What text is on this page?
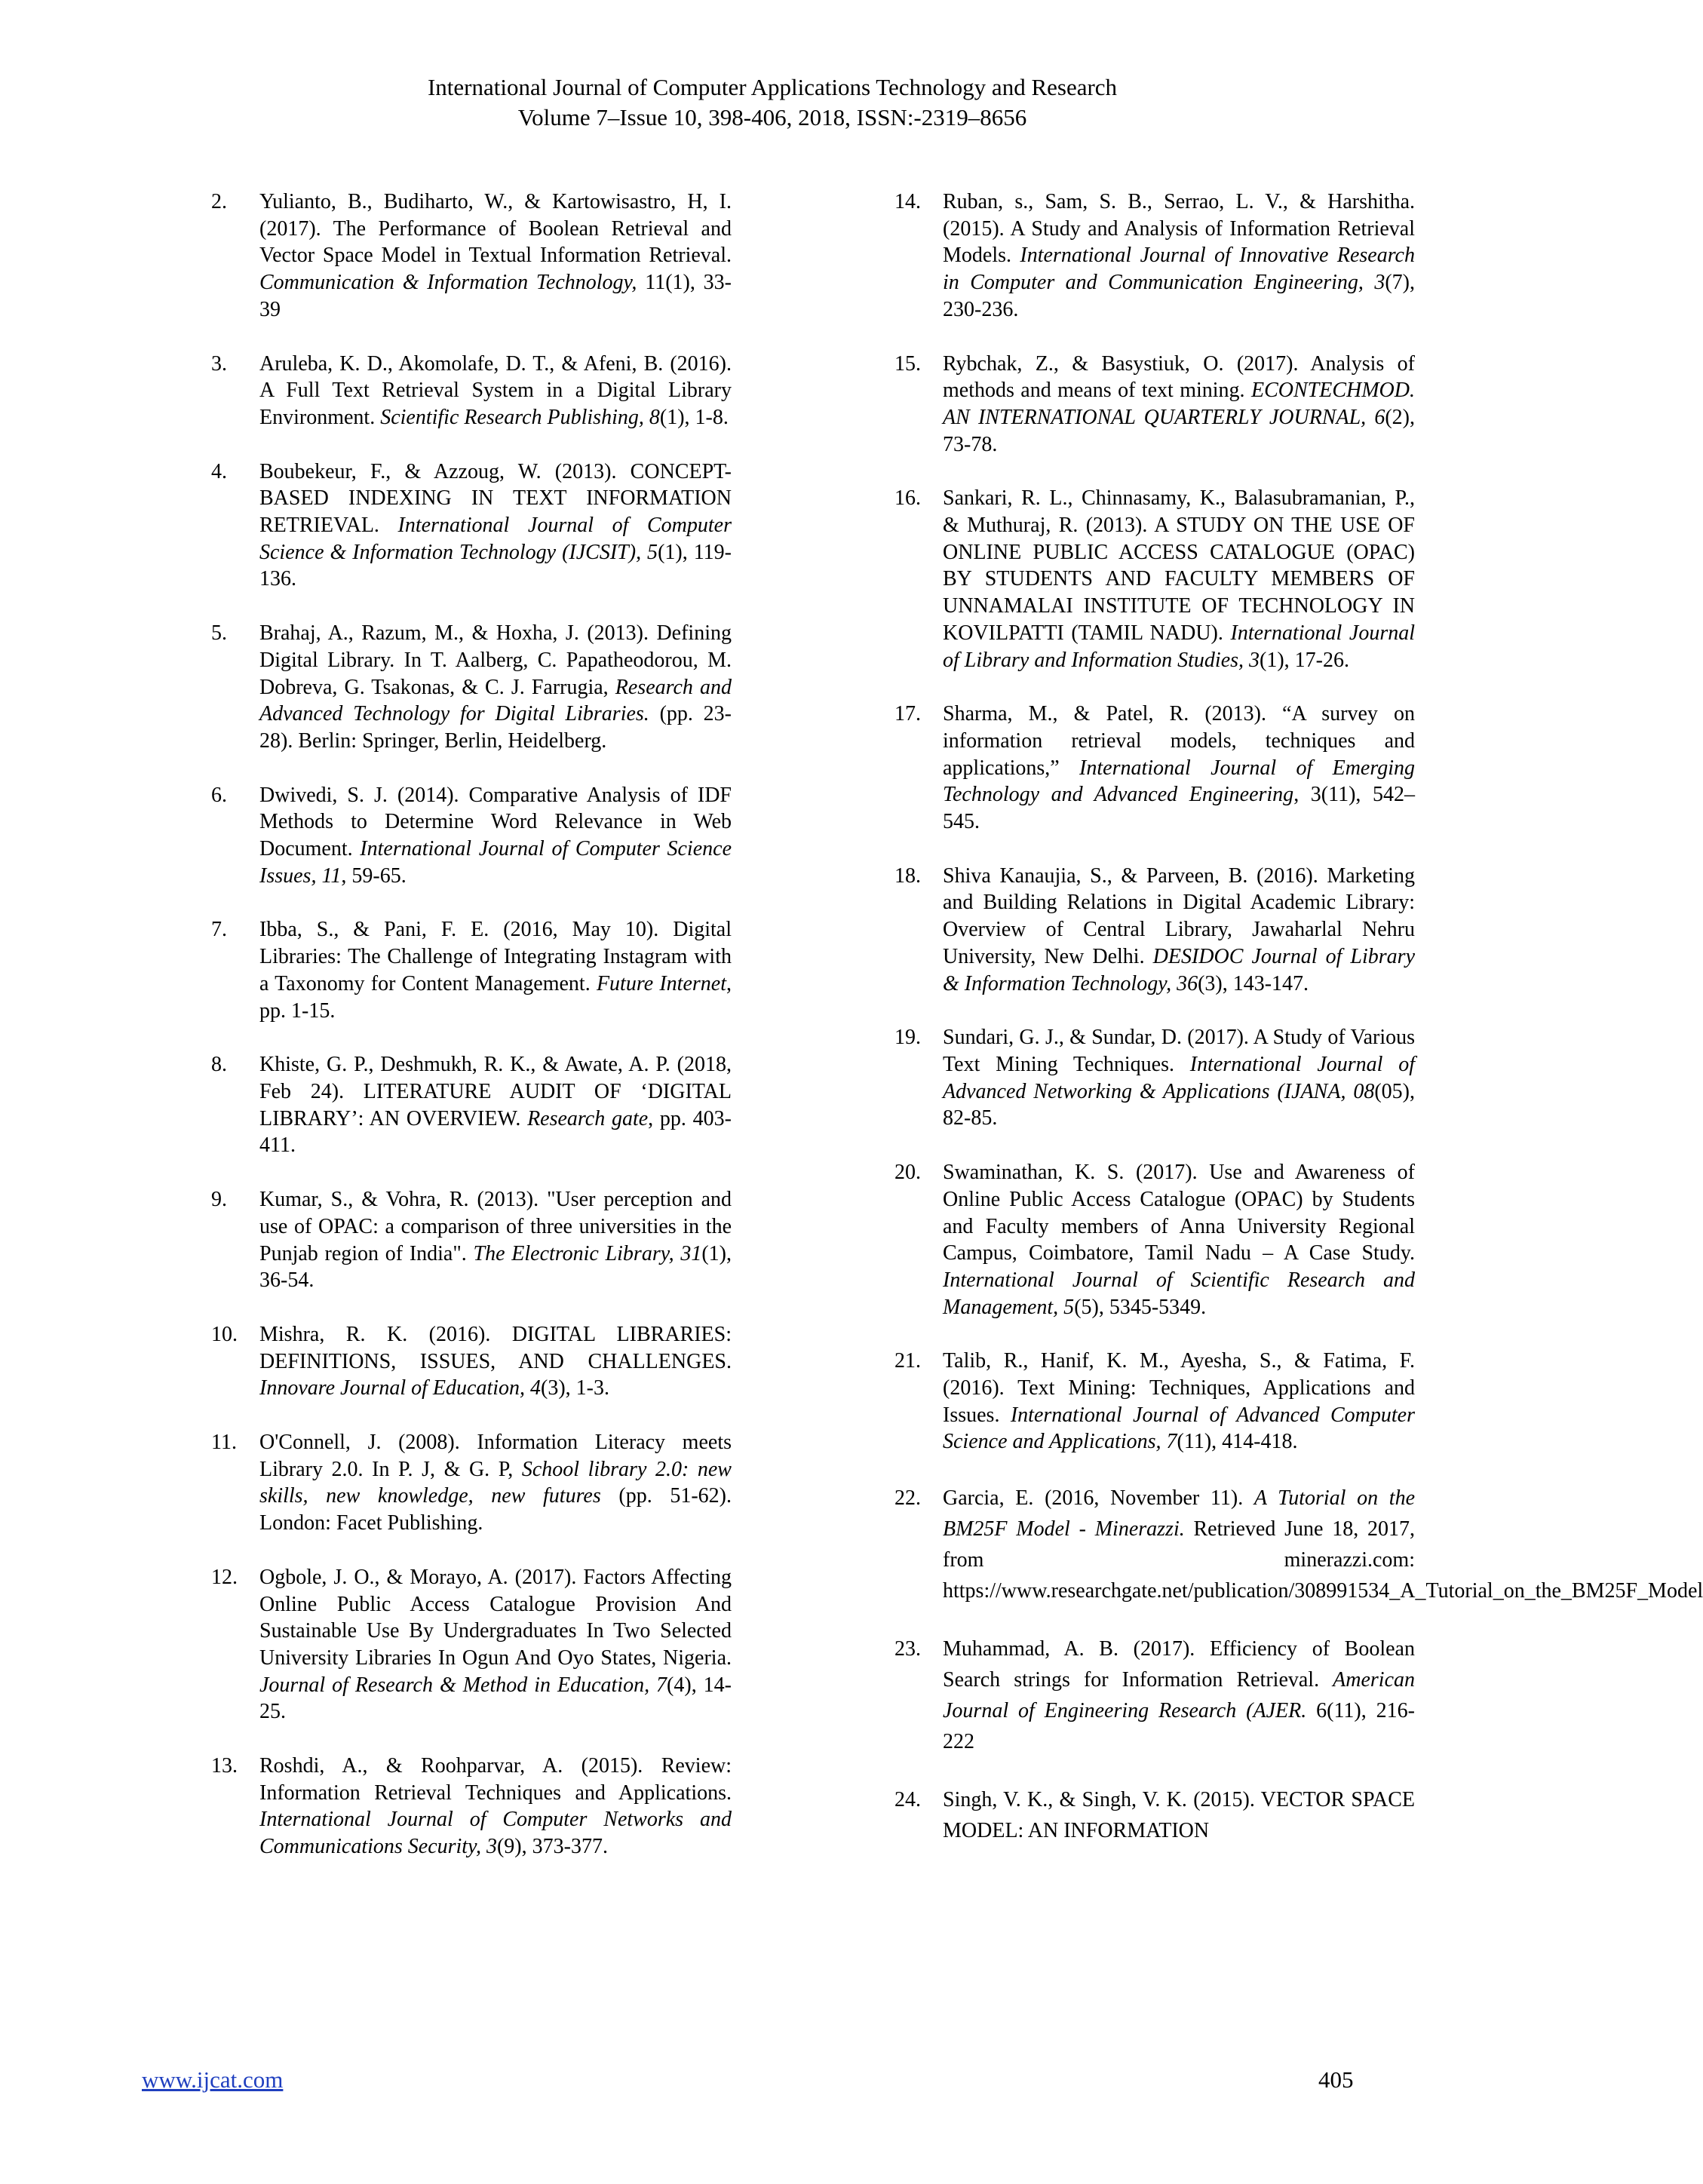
International Journal of Computer Applications Technology and Research
Volume 7–Issue 10, 398-406, 2018, ISSN:-2319–8656
2.	Yulianto, B., Budiharto, W., & Kartowisastro, H, I. (2017). The Performance of Boolean Retrieval and Vector Space Model in Textual Information Retrieval. Communication & Information Technology, 11(1), 33-39
3.	Aruleba, K. D., Akomolafe, D. T., & Afeni, B. (2016). A Full Text Retrieval System in a Digital Library Environment. Scientific Research Publishing, 8(1), 1-8.
4.	Boubekeur, F., & Azzoug, W. (2013). CONCEPT-BASED INDEXING IN TEXT INFORMATION RETRIEVAL. International Journal of Computer Science & Information Technology (IJCSIT), 5(1), 119-136.
5.	Brahaj, A., Razum, M., & Hoxha, J. (2013). Defining Digital Library. In T. Aalberg, C. Papatheodorou, M. Dobreva, G. Tsakonas, & C. J. Farrugia, Research and Advanced Technology for Digital Libraries. (pp. 23-28). Berlin: Springer, Berlin, Heidelberg.
6.	Dwivedi, S. J. (2014). Comparative Analysis of IDF Methods to Determine Word Relevance in Web Document. International Journal of Computer Science Issues, 11, 59-65.
7.	Ibba, S., & Pani, F. E. (2016, May 10). Digital Libraries: The Challenge of Integrating Instagram with a Taxonomy for Content Management. Future Internet, pp. 1-15.
8.	Khiste, G. P., Deshmukh, R. K., & Awate, A. P. (2018, Feb 24). LITERATURE AUDIT OF ‘DIGITAL LIBRARY’: AN OVERVIEW. Research gate, pp. 403-411.
9.	Kumar, S., & Vohra, R. (2013). "User perception and use of OPAC: a comparison of three universities in the Punjab region of India". The Electronic Library, 31(1), 36-54.
10.	Mishra, R. K. (2016). DIGITAL LIBRARIES: DEFINITIONS, ISSUES, AND CHALLENGES. Innovare Journal of Education, 4(3), 1-3.
11.	O'Connell, J. (2008). Information Literacy meets Library 2.0. In P. J, & G. P, School library 2.0: new skills, new knowledge, new futures (pp. 51-62). London: Facet Publishing.
12.	Ogbole, J. O., & Morayo, A. (2017). Factors Affecting Online Public Access Catalogue Provision And Sustainable Use By Undergraduates In Two Selected University Libraries In Ogun And Oyo States, Nigeria. Journal of Research & Method in Education, 7(4), 14-25.
13.	Roshdi, A., & Roohparvar, A. (2015). Review: Information Retrieval Techniques and Applications. International Journal of Computer Networks and Communications Security, 3(9), 373-377.
14.	Ruban, s., Sam, S. B., Serrao, L. V., & Harshitha. (2015). A Study and Analysis of Information Retrieval Models. International Journal of Innovative Research in Computer and Communication Engineering, 3(7), 230-236.
15.	Rybchak, Z., & Basystiuk, O. (2017). Analysis of methods and means of text mining. ECONTECHMOD. AN INTERNATIONAL QUARTERLY JOURNAL, 6(2), 73-78.
16.	Sankari, R. L., Chinnasamy, K., Balasubramanian, P., & Muthuraj, R. (2013). A STUDY ON THE USE OF ONLINE PUBLIC ACCESS CATALOGUE (OPAC) BY STUDENTS AND FACULTY MEMBERS OF UNNAMALAI INSTITUTE OF TECHNOLOGY IN KOVILPATTI (TAMIL NADU). International Journal of Library and Information Studies, 3(1), 17-26.
17.	Sharma, M., & Patel, R. (2013). “A survey on information retrieval models, techniques and applications,” International Journal of Emerging Technology and Advanced Engineering, 3(11), 542–545.
18.	Shiva Kanaujia, S., & Parveen, B. (2016). Marketing and Building Relations in Digital Academic Library: Overview of Central Library, Jawaharlal Nehru University, New Delhi. DESIDOC Journal of Library & Information Technology, 36(3), 143-147.
19.	Sundari, G. J., & Sundar, D. (2017). A Study of Various Text Mining Techniques. International Journal of Advanced Networking & Applications (IJANA, 08(05), 82-85.
20.	Swaminathan, K. S. (2017). Use and Awareness of Online Public Access Catalogue (OPAC) by Students and Faculty members of Anna University Regional Campus, Coimbatore, Tamil Nadu – A Case Study. International Journal of Scientific Research and Management, 5(5), 5345-5349.
21.	Talib, R., Hanif, K. M., Ayesha, S., & Fatima, F. (2016). Text Mining: Techniques, Applications and Issues. International Journal of Advanced Computer Science and Applications, 7(11), 414-418.
22.	Garcia, E. (2016, November 11). A Tutorial on the BM25F Model - Minerazzi. Retrieved June 18, 2017, from minerazzi.com: https://www.researchgate.net/publication/308991534_A_Tutorial_on_the_BM25F_Model
23.	Muhammad, A. B. (2017). Efficiency of Boolean Search strings for Information Retrieval. American Journal of Engineering Research (AJER. 6(11), 216-222
24.	Singh, V. K., & Singh, V. K. (2015). VECTOR SPACE MODEL: AN INFORMATION
www.ijcat.com	405
